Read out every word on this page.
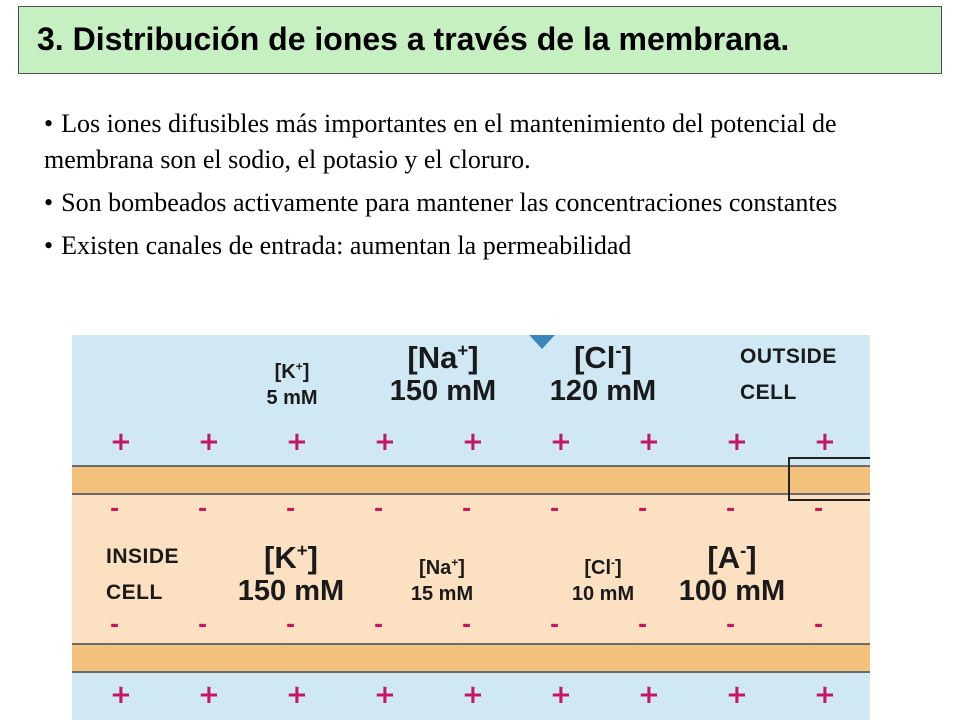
3. Distribución de iones a través de la membrana.
• Los iones difusibles más importantes en el mantenimiento del potencial de membrana son el sodio, el potasio y el cloruro.
• Son bombeados activamente para mantener las concentraciones constantes
• Existen canales de entrada: aumentan la permeabilidad
+	+	+	+	+	+	+	+	+
-	-	-	-	-	-	-	-	-
-	-	-	-	-	-	-	-	-
+	+	+	+	+	+	+	+	+
[K+]
5 mM
[Na+]
150 mM
[Cl-]
120 mM
OUTSIDE
CELL
INSIDE
CELL
[K+]
150 mM
[Na+]
15 mM
[Cl-]
10 mM
[A-]
100 mM
